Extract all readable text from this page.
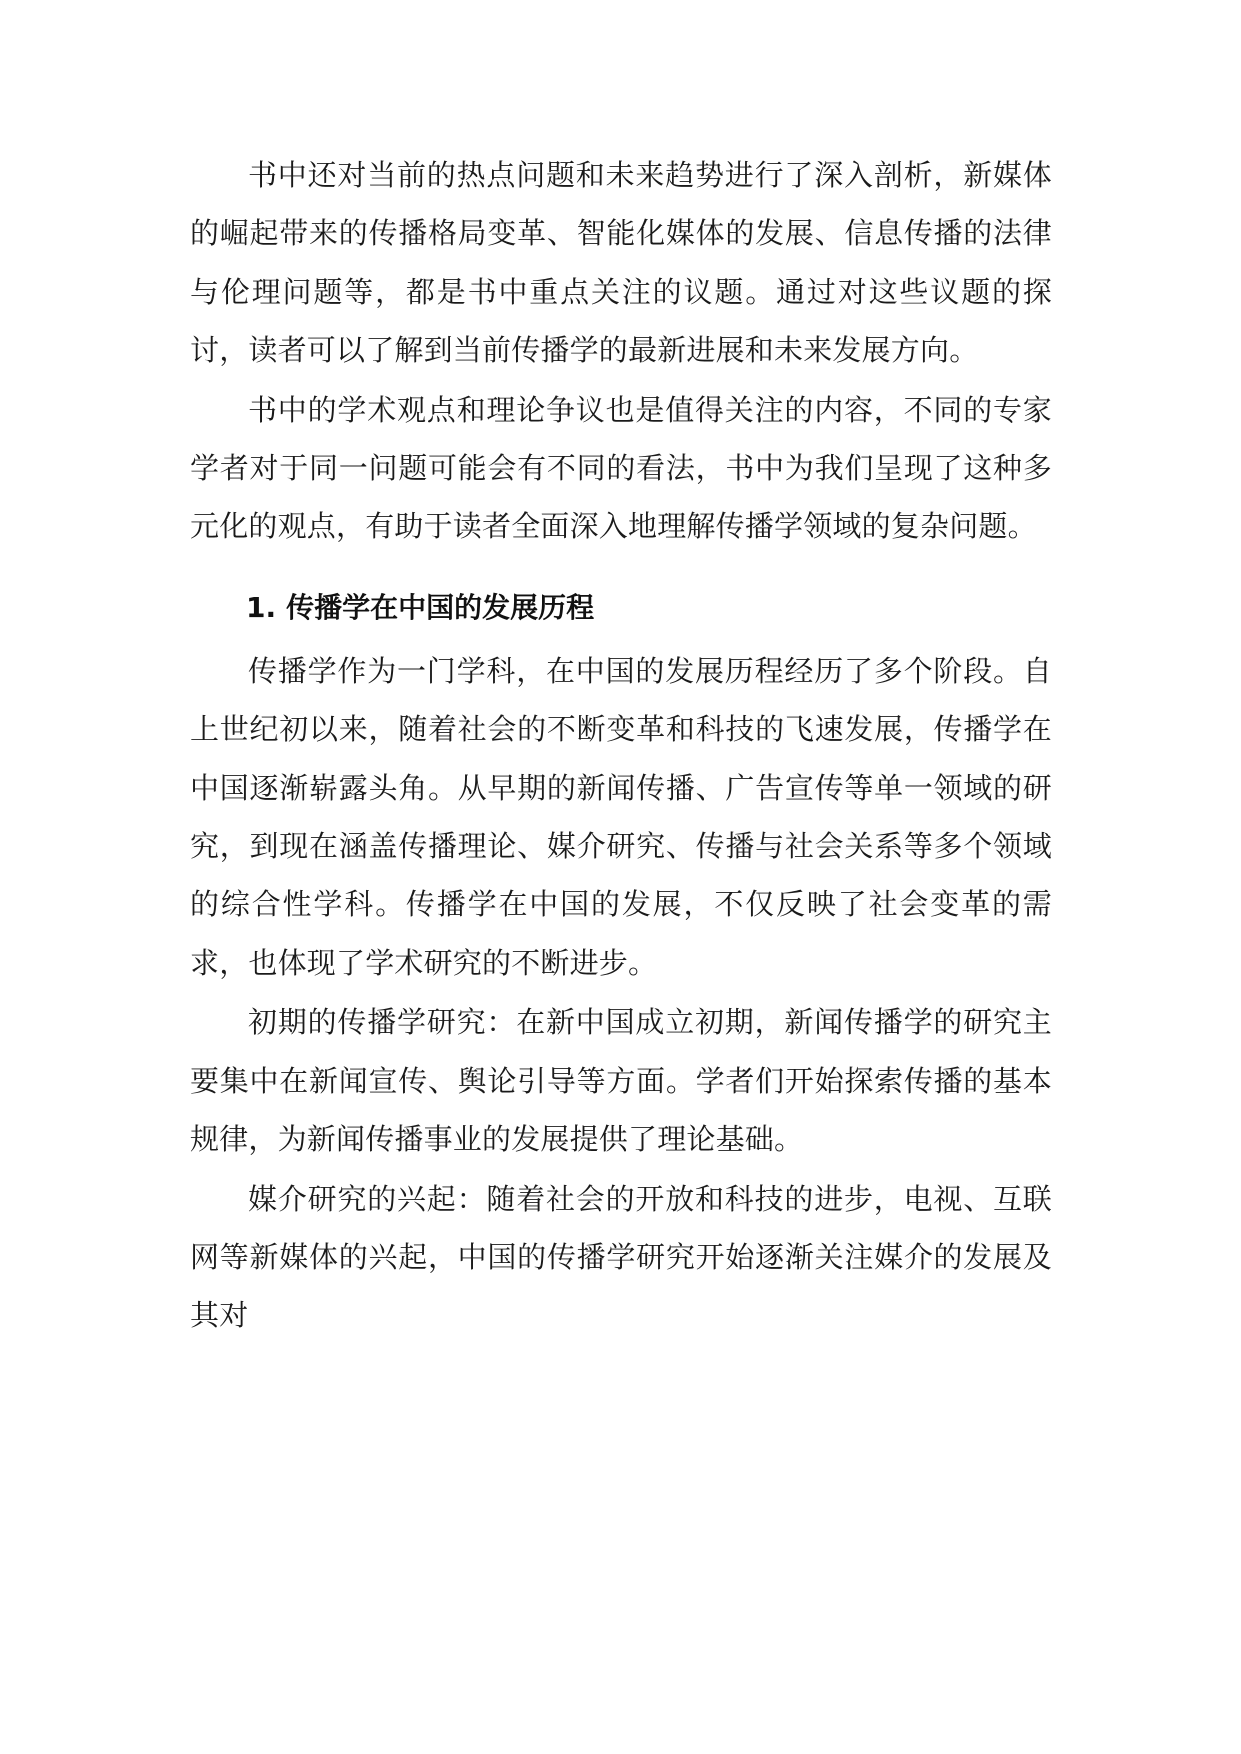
书中还对当前的热点问题和未来趋势进行了深入剖析，新媒体的崛起带来的传播格局变革、智能化媒体的发展、信息传播的法律与伦理问题等，都是书中重点关注的议题。通过对这些议题的探讨，读者可以了解到当前传播学的最新进展和未来发展方向。

书中的学术观点和理论争议也是值得关注的内容，不同的专家学者对于同一问题可能会有不同的看法，书中为我们呈现了这种多元化的观点，有助于读者全面深入地理解传播学领域的复杂问题。

1. 传播学在中国的发展历程

传播学作为一门学科，在中国的发展历程经历了多个阶段。自上世纪初以来，随着社会的不断变革和科技的飞速发展，传播学在中国逐渐崭露头角。从早期的新闻传播、广告宣传等单一领域的研究，到现在涵盖传播理论、媒介研究、传播与社会关系等多个领域的综合性学科。传播学在中国的发展，不仅反映了社会变革的需求，也体现了学术研究的不断进步。

初期的传播学研究：在新中国成立初期，新闻传播学的研究主要集中在新闻宣传、舆论引导等方面。学者们开始探索传播的基本规律，为新闻传播事业的发展提供了理论基础。

媒介研究的兴起：随着社会的开放和科技的进步，电视、互联网等新媒体的兴起，中国的传播学研究开始逐渐关注媒介的发展及其对
